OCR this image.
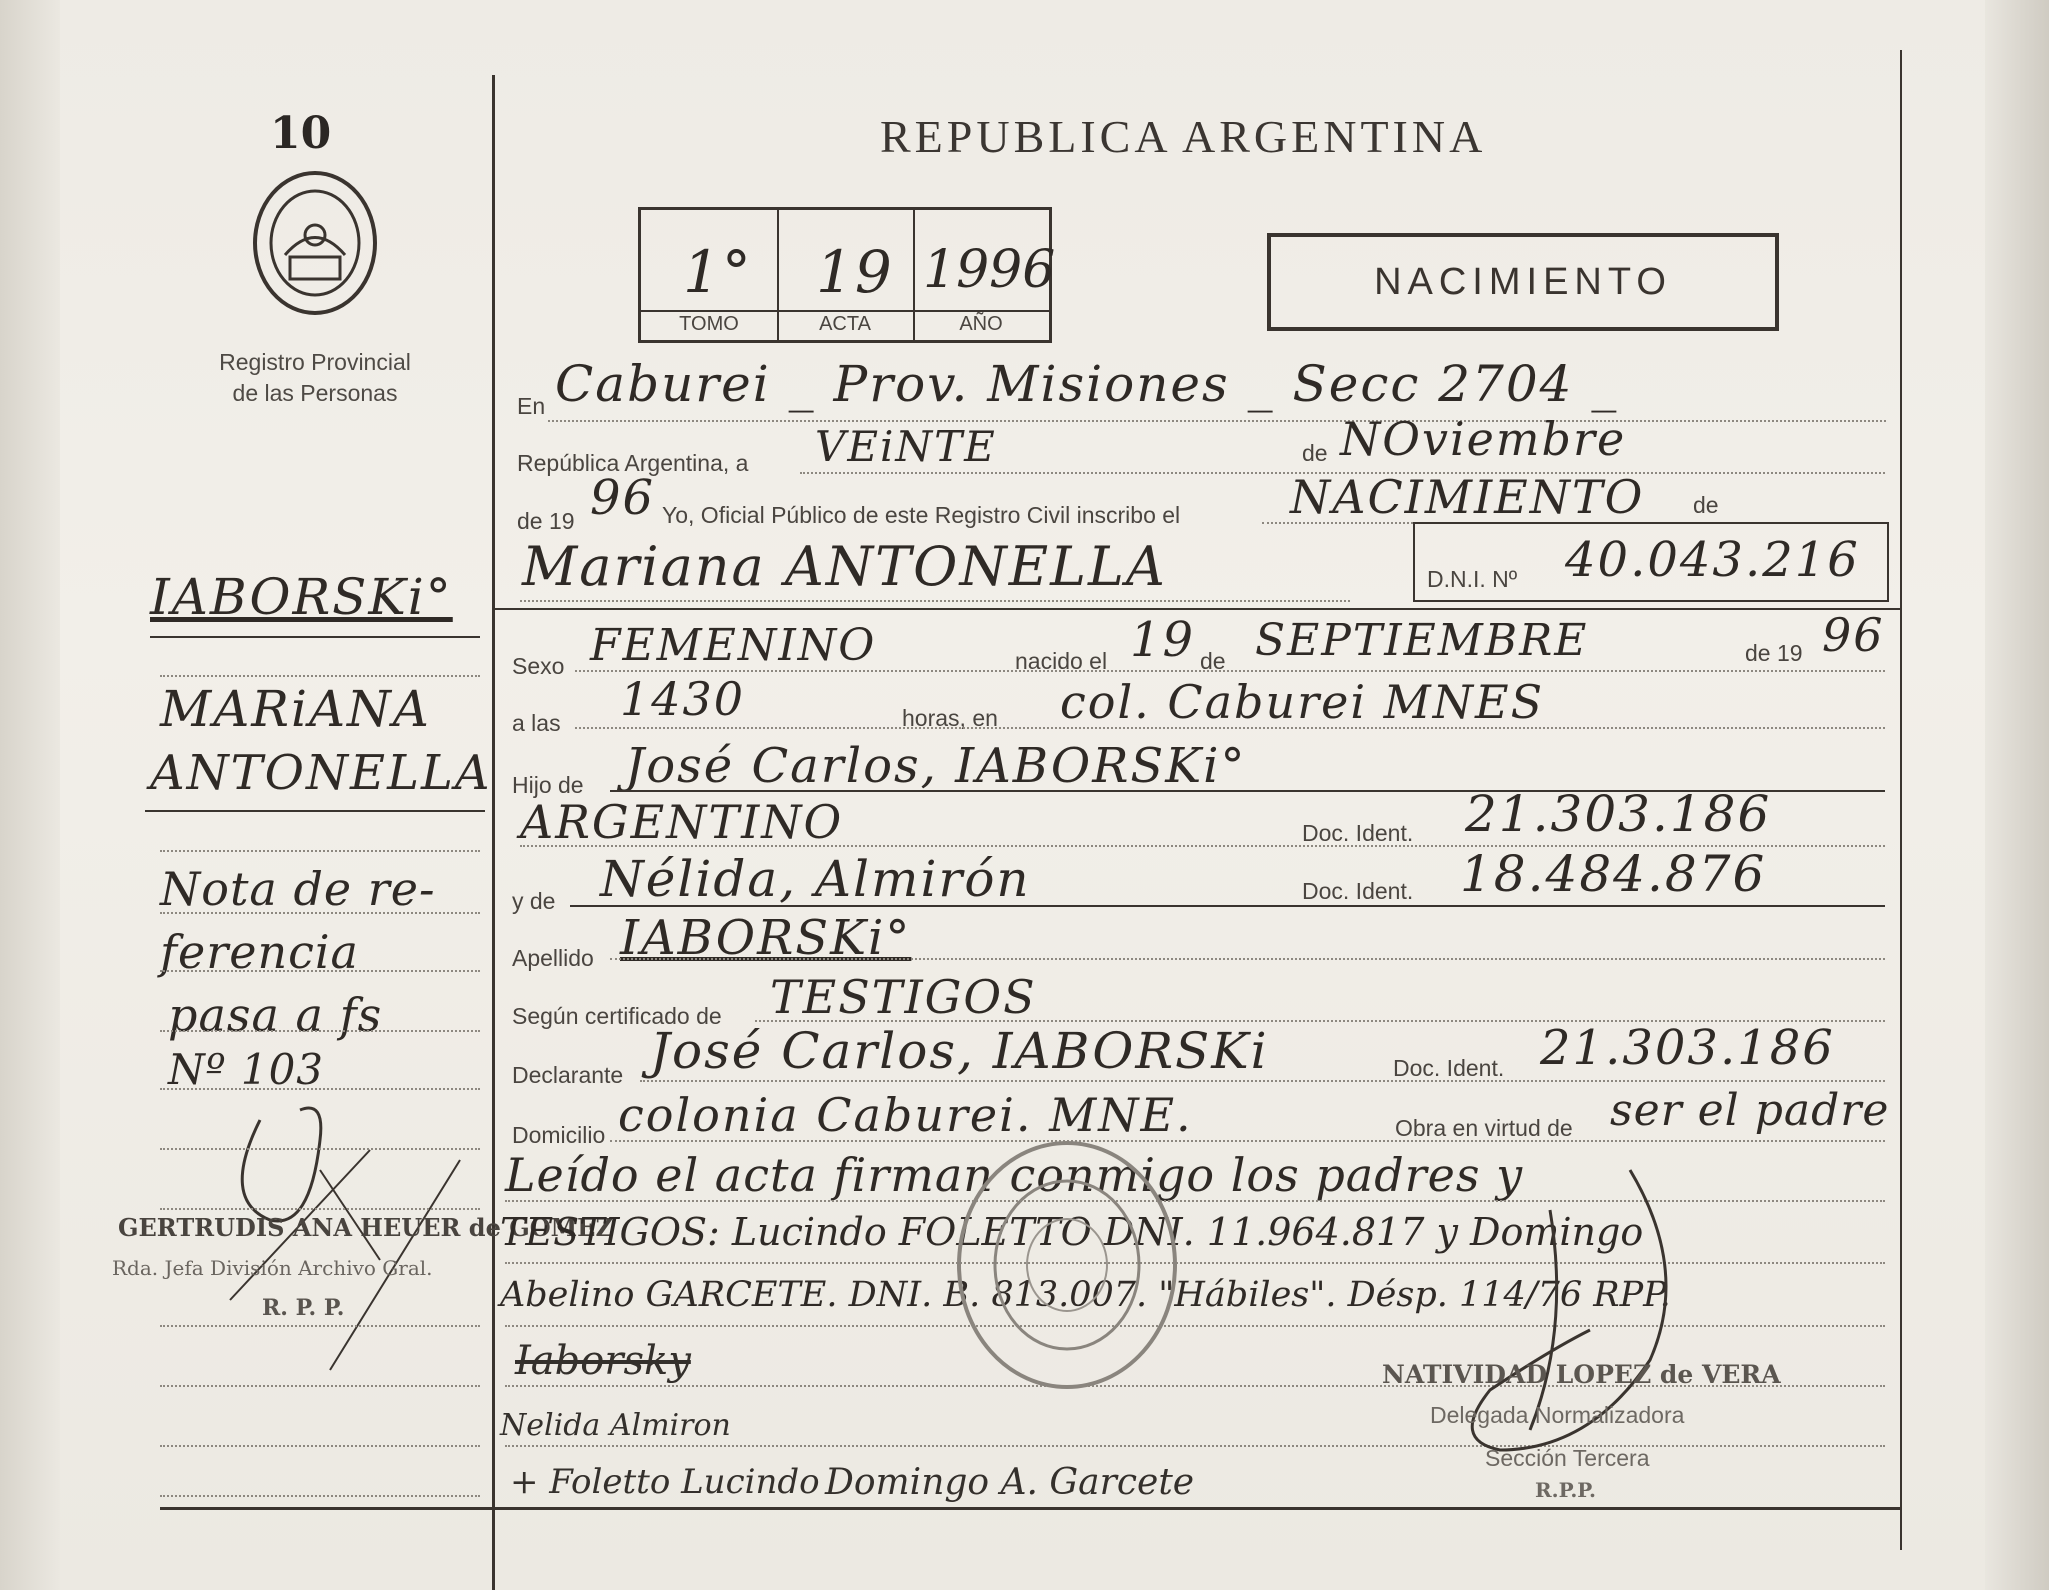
10
Registro Provincial
de las Personas
IABORSKi°
MARiANA
ANTONELLA
Nota de re-
ferencia
pasa a fs
Nº 103
GERTRUDIS ANA HEUER de GOMEZ
Rda. Jefa División Archivo Gral.
R. P. P.
REPUBLICA ARGENTINA
1° 19 1996
TOMO	ACTA	AÑO
NACIMIENTO
En Caburei _ Prov. Misiones _ Secc 2704 _
República Argentina, a VEiNTE	de NOviembre
de 19 96 Yo, Oficial Público de este Registro Civil inscribo el NACIMIENTO de
Mariana ANTONELLA	D.N.I. Nº 40.043.216
Sexo FEMENINO	nacido el 19 de SEPTIEMBRE	de 19 96
a las 1430	horas, en col. Caburei MNES
Hijo de José Carlos, IABORSKi°
ARGENTINO	Doc. Ident. 21.303.186
y de Nélida, Almirón	Doc. Ident. 18.484.876
Apellido IABORSKi°
Según certificado de TESTIGOS
Declarante José Carlos, IABORSKi	Doc. Ident. 21.303.186
Domicilio colonia Caburei. MNE.	Obra en virtud de ser el padre
Leído el acta firman conmigo los padres y
TESTIGOS: Lucindo FOLETTO DNI. 11.964.817 y Domingo
Abelino GARCETE. DNI. B. 813.007. "Hábiles". Désp. 114/76 RPP.
Iaborsky
Nelida Almiron
+ Foletto Lucindo Domingo A. Garcete
NATIVIDAD LOPEZ de VERA
Delegada Normalizadora
Sección Tercera
R.P.P.
